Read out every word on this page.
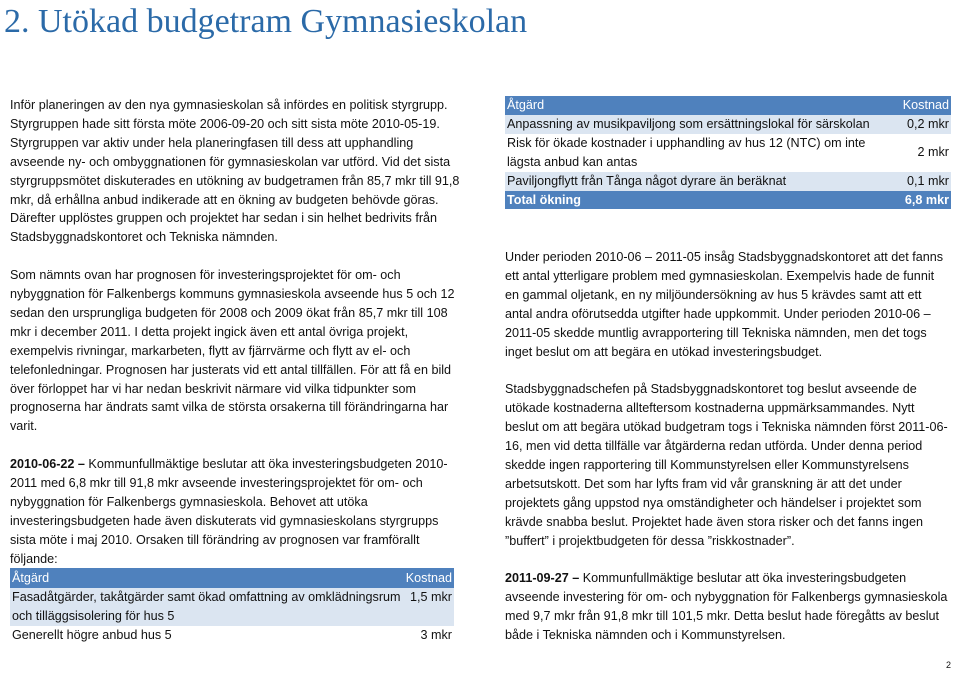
2. Utökad budgetram Gymnasieskolan

Inför planeringen av den nya gymnasieskolan så infördes en politisk styrgrupp. Styrgruppen hade sitt första möte 2006-09-20 och sitt sista möte 2010-05-19. Styrgruppen var aktiv under hela planeringfasen till dess att upphandling avseende ny- och ombyggnationen för gymnasieskolan var utförd. Vid det sista styrgruppsmötet diskuterades en utökning av budgetramen från 85,7 mkr till 91,8 mkr, då erhållna anbud indikerade att en ökning av budgeten behövde göras. Därefter upplöstes gruppen och projektet har sedan i sin helhet bedrivits från Stadsbyggnadskontoret och Tekniska nämnden.

Som nämnts ovan har prognosen för investeringsprojektet för om- och nybyggnation för Falkenbergs kommuns gymnasieskola avseende hus 5 och 12 sedan den ursprungliga budgeten för 2008 och 2009 ökat från 85,7 mkr till 108 mkr i december 2011. I detta projekt ingick även ett antal övriga projekt, exempelvis rivningar, markarbeten, flytt av fjärrvärme och flytt av el- och telefonledningar. Prognosen har justerats vid ett antal tillfällen. För att få en bild över förloppet har vi har nedan beskrivit närmare vid vilka tidpunkter som prognoserna har ändrats samt vilka de största orsakerna till förändringarna har varit.

2010-06-22 – Kommunfullmäktige beslutar att öka investeringsbudgeten 2010-2011 med 6,8 mkr till 91,8 mkr avseende investeringsprojektet för om- och nybyggnation för Falkenbergs gymnasieskola. Behovet att utöka investeringsbudgeten hade även diskuterats vid gymnasieskolans styrgrupps sista möte i maj 2010. Orsaken till förändring av prognosen var framförallt följande:

Åtgärd	Kostnad
Fasadåtgärder, takåtgärder samt ökad omfattning av omklädningsrum och tilläggsisolering för hus 5	1,5 mkr
Generellt högre anbud hus 5	3 mkr
Åtgärd	Kostnad
Anpassning av musikpaviljong som ersättningslokal för särskolan	0,2 mkr
Risk för ökade kostnader i upphandling av hus 12 (NTC) om inte lägsta anbud kan antas	2 mkr
Paviljongflytt från Tånga något dyrare än beräknat	0,1 mkr
Total ökning	6,8 mkr

Under perioden 2010-06 – 2011-05 insåg Stadsbyggnadskontoret att det fanns ett antal ytterligare problem med gymnasieskolan. Exempelvis hade de funnit en gammal oljetank, en ny miljöundersökning av hus 5 krävdes samt att ett antal andra oförutsedda utgifter hade uppkommit. Under perioden 2010-06 – 2011-05 skedde muntlig avrapportering till Tekniska nämnden, men det togs inget beslut om att begära en utökad investeringsbudget.

Stadsbyggnadschefen på Stadsbyggnadskontoret tog beslut avseende de utökade kostnaderna allteftersom kostnaderna uppmärksammandes. Nytt beslut om att begära utökad budgetram togs i Tekniska nämnden först 2011-06-16, men vid detta tillfälle var åtgärderna redan utförda. Under denna period skedde ingen rapportering till Kommunstyrelsen eller Kommunstyrelsens arbetsutskott. Det som har lyfts fram vid vår granskning är att det under projektets gång uppstod nya omständigheter och händelser i projektet som krävde snabba beslut. Projektet hade även stora risker och det fanns ingen ”buffert” i projektbudgeten för dessa ”riskkostnader”.

2011-09-27 – Kommunfullmäktige beslutar att öka investeringsbudgeten avseende investering för om- och nybyggnation för Falkenbergs gymnasieskola med 9,7 mkr från 91,8 mkr till 101,5 mkr. Detta beslut hade föregåtts av beslut både i Tekniska nämnden och i Kommunstyrelsen.

2
